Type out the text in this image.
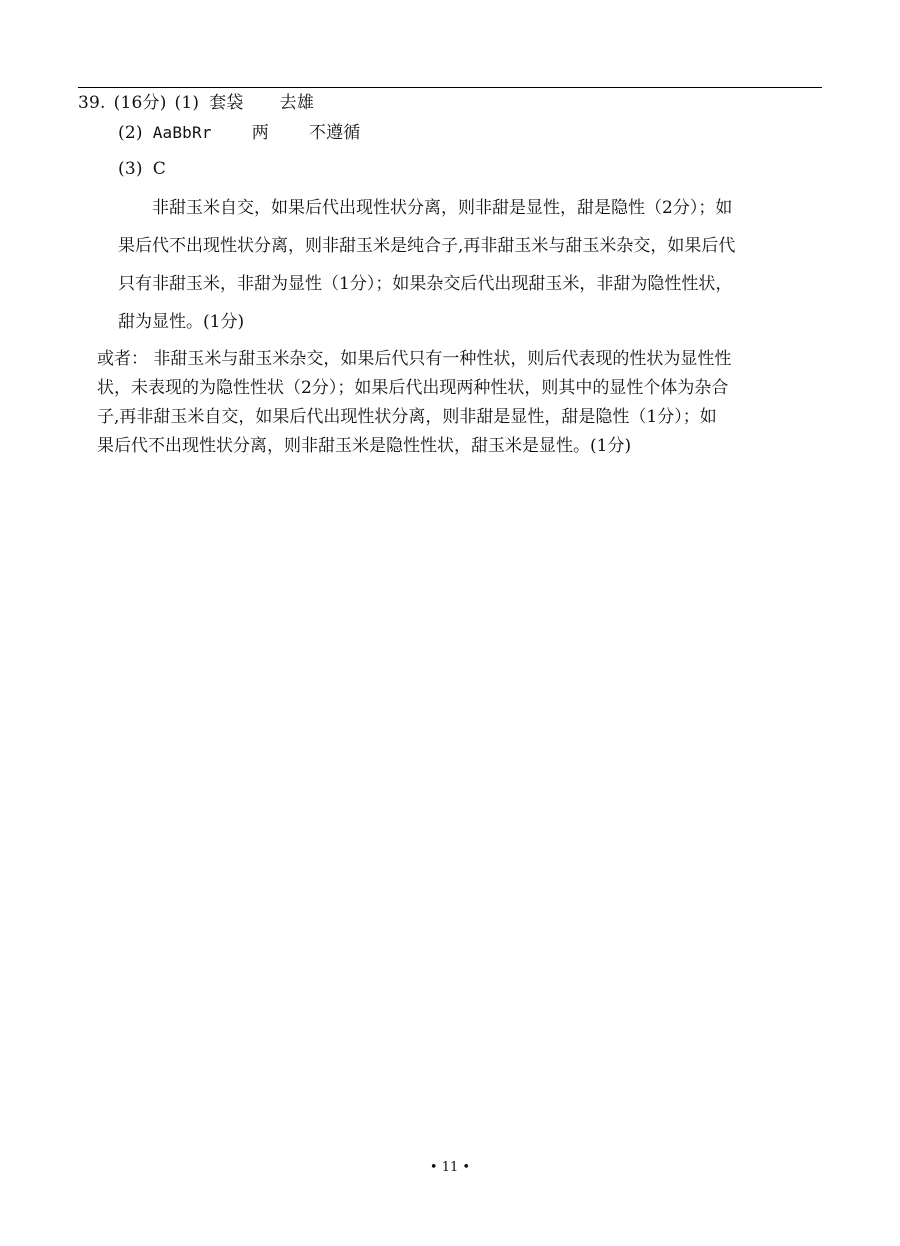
39. (16分) (1) 套袋 去雄
(2) AaBbRr 两 不遵循
(3) C
非甜玉米自交，如果后代出现性状分离，则非甜是显性，甜是隐性（2分）；如
果后代不出现性状分离，则非甜玉米是纯合子,再非甜玉米与甜玉米杂交，如果后代
只有非甜玉米，非甜为显性（1分）；如果杂交后代出现甜玉米，非甜为隐性性状，
甜为显性。(1分)
或者： 非甜玉米与甜玉米杂交，如果后代只有一种性状，则后代表现的性状为显性性
状，未表现的为隐性性状（2分）；如果后代出现两种性状，则其中的显性个体为杂合
子,再非甜玉米自交，如果后代出现性状分离，则非甜是显性，甜是隐性（1分）；如
果后代不出现性状分离，则非甜玉米是隐性性状，甜玉米是显性。(1分)
• 11 •
